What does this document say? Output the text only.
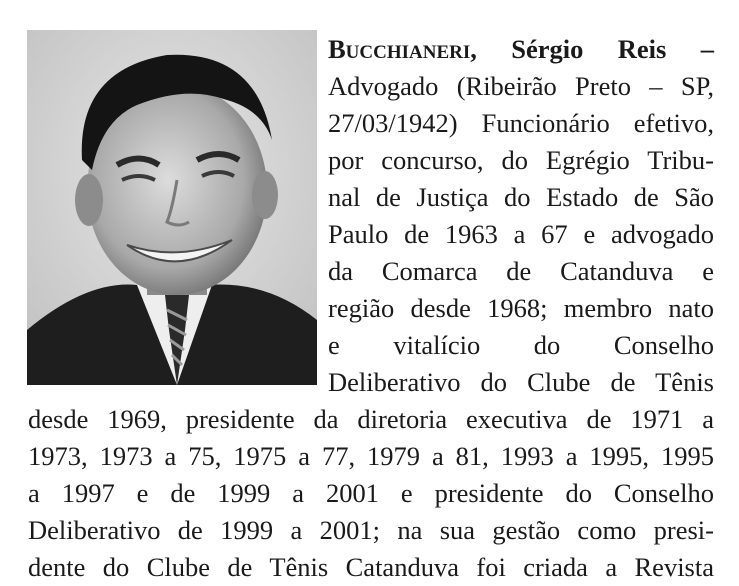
Bucchianeri, Sérgio Reis –
Advogado (Ribeirão Preto – SP,
27/03/1942) Funcionário efetivo,
por concurso, do Egrégio Tribu-
nal de Justiça do Estado de São
Paulo de 1963 a 67 e advogado
da Comarca de Catanduva e
região desde 1968; membro nato
e vitalício do Conselho
Deliberativo do Clube de Tênis
desde 1969, presidente da diretoria executiva de 1971 a
1973, 1973 a 75, 1975 a 77, 1979 a 81, 1993 a 1995, 1995
a 1997 e de 1999 a 2001 e presidente do Conselho
Deliberativo de 1999 a 2001; na sua gestão como presi-
dente do Clube de Tênis Catanduva foi criada a Revista
